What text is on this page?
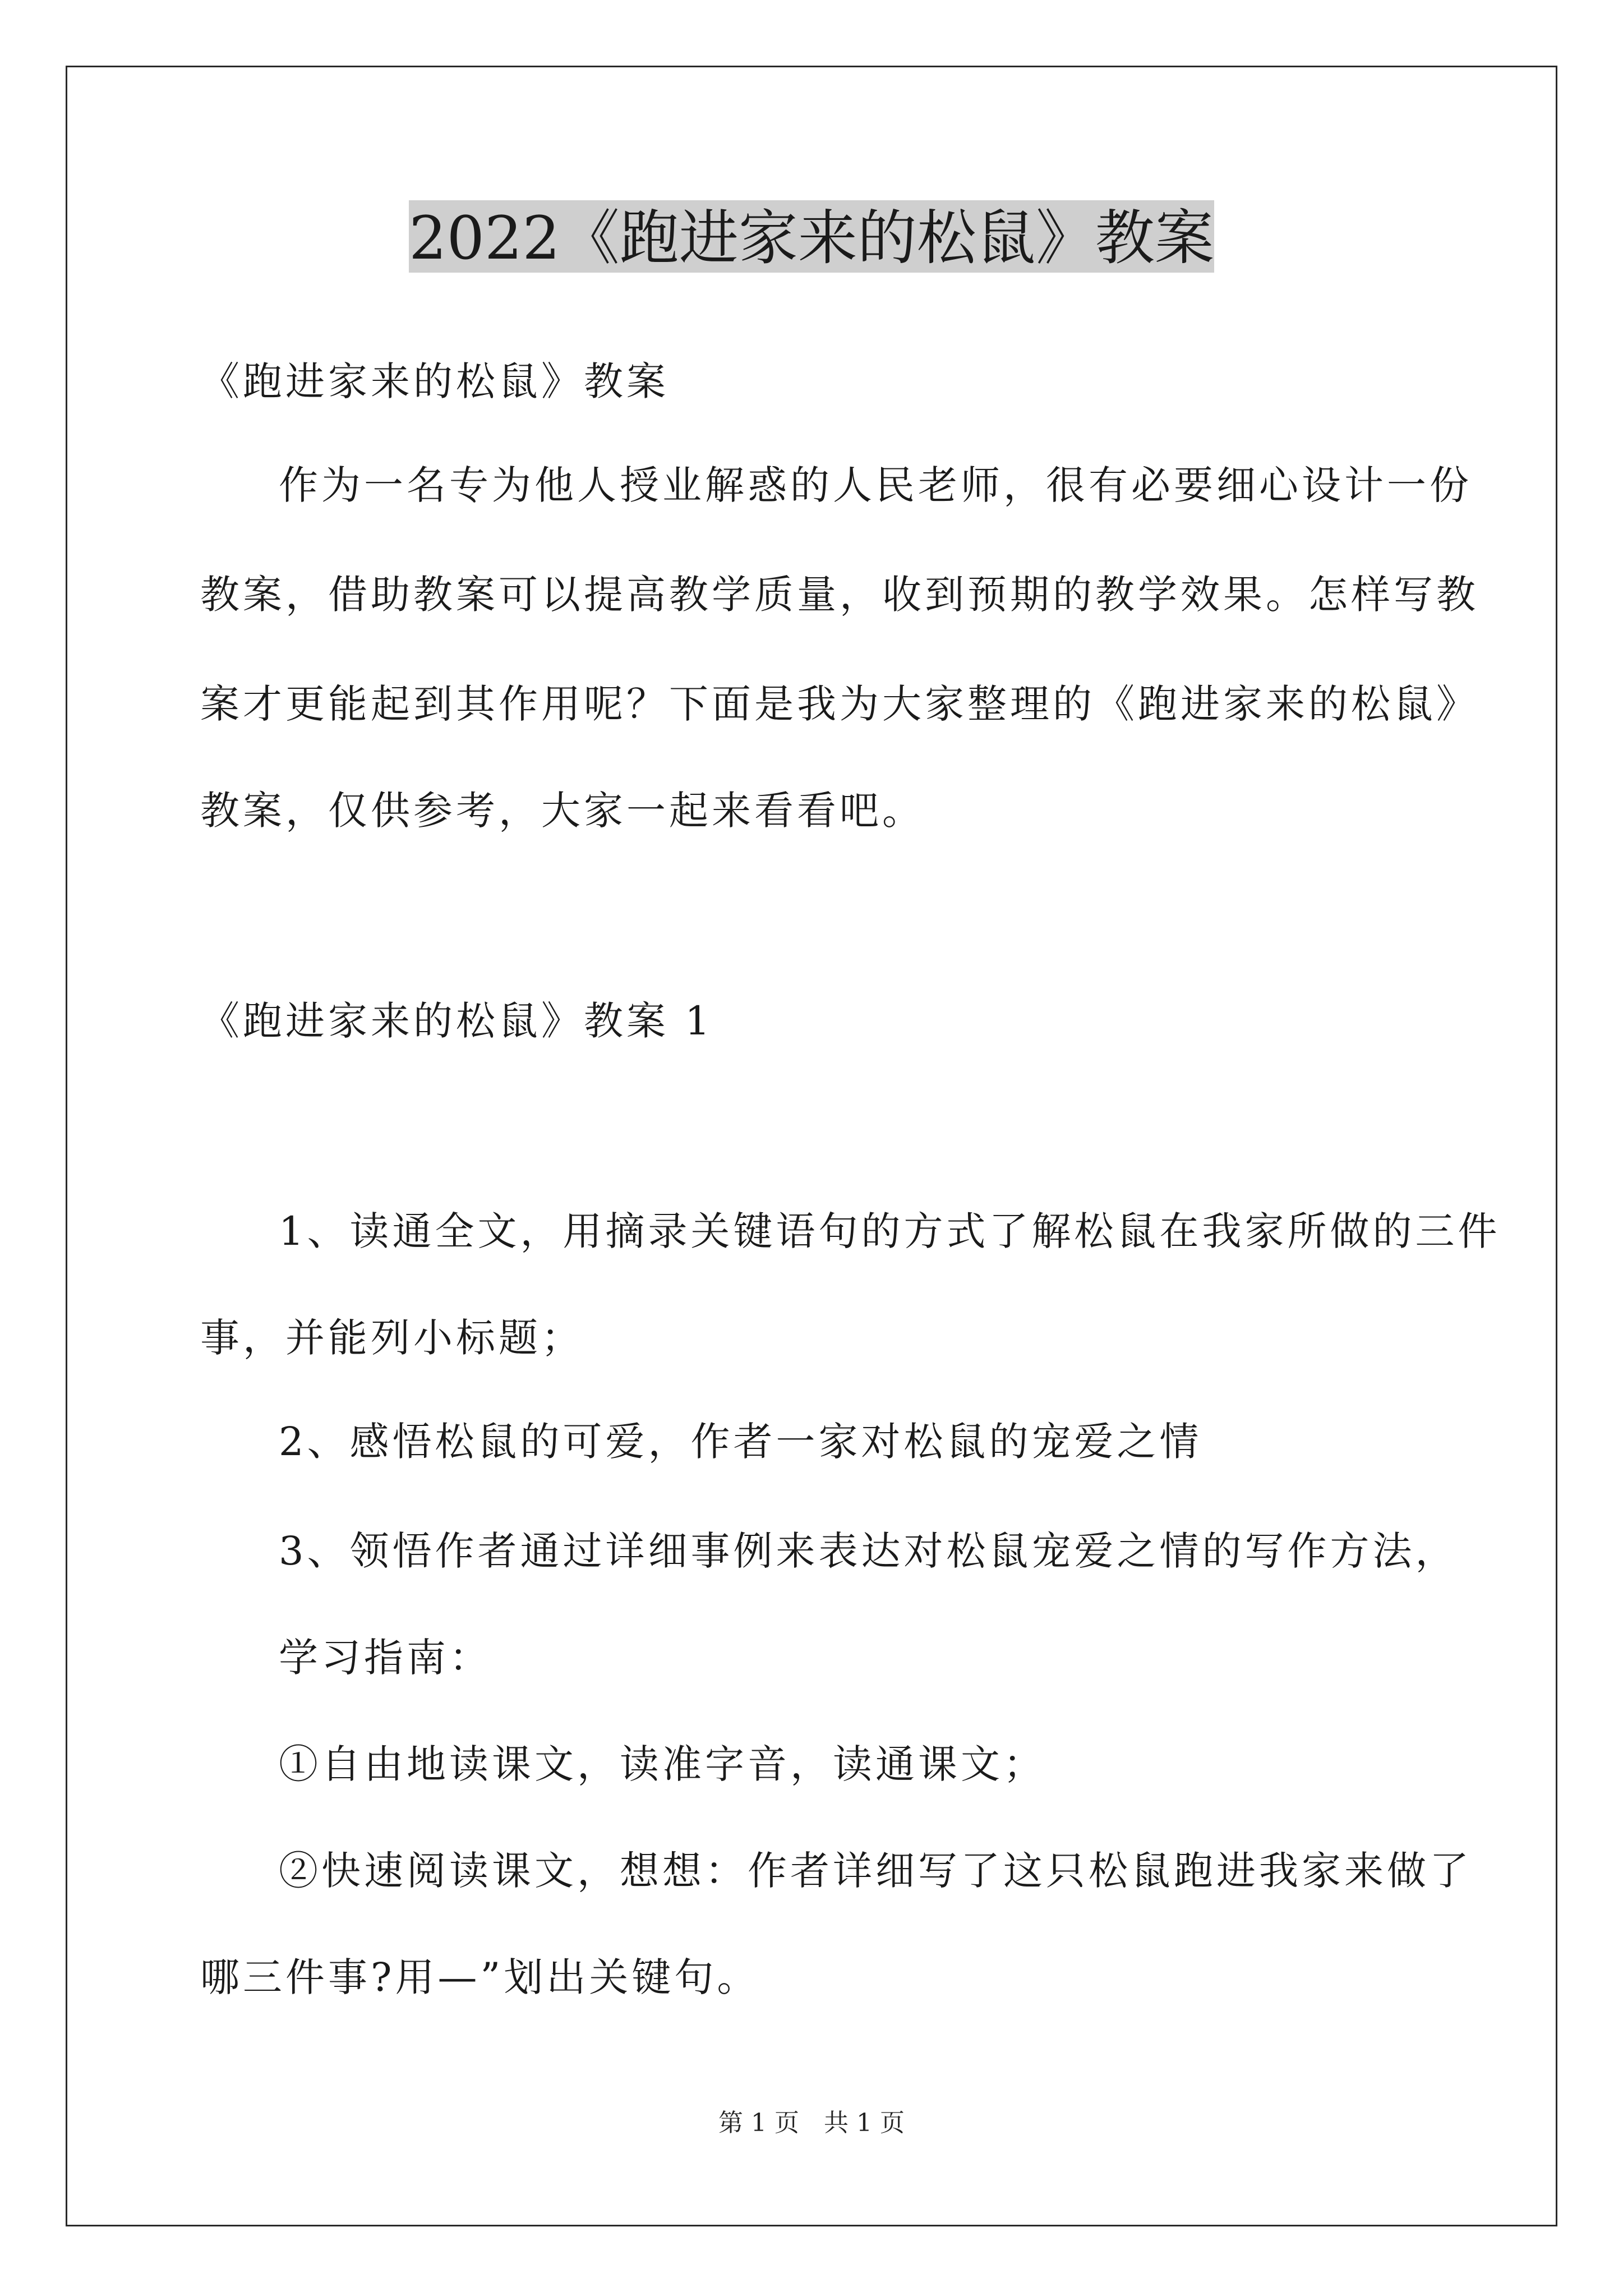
2022《跑进家来的松鼠》教案
《跑进家来的松鼠》教案
作为一名专为他人授业解惑的人民老师，很有必要细心设计一份
教案，借助教案可以提高教学质量，收到预期的教学效果。怎样写教
案才更能起到其作用呢？下面是我为大家整理的《跑进家来的松鼠》
教案，仅供参考，大家一起来看看吧。
《跑进家来的松鼠》教案 1
1、读通全文，用摘录关键语句的方式了解松鼠在我家所做的三件
事，并能列小标题；
2、感悟松鼠的可爱，作者一家对松鼠的宠爱之情
3、领悟作者通过详细事例来表达对松鼠宠爱之情的写作方法，
学习指南：
①自由地读课文，读准字音，读通课文；
②快速阅读课文，想想：作者详细写了这只松鼠跑进我家来做了
哪三件事?用—”划出关键句。
第 1 页　共 1 页
